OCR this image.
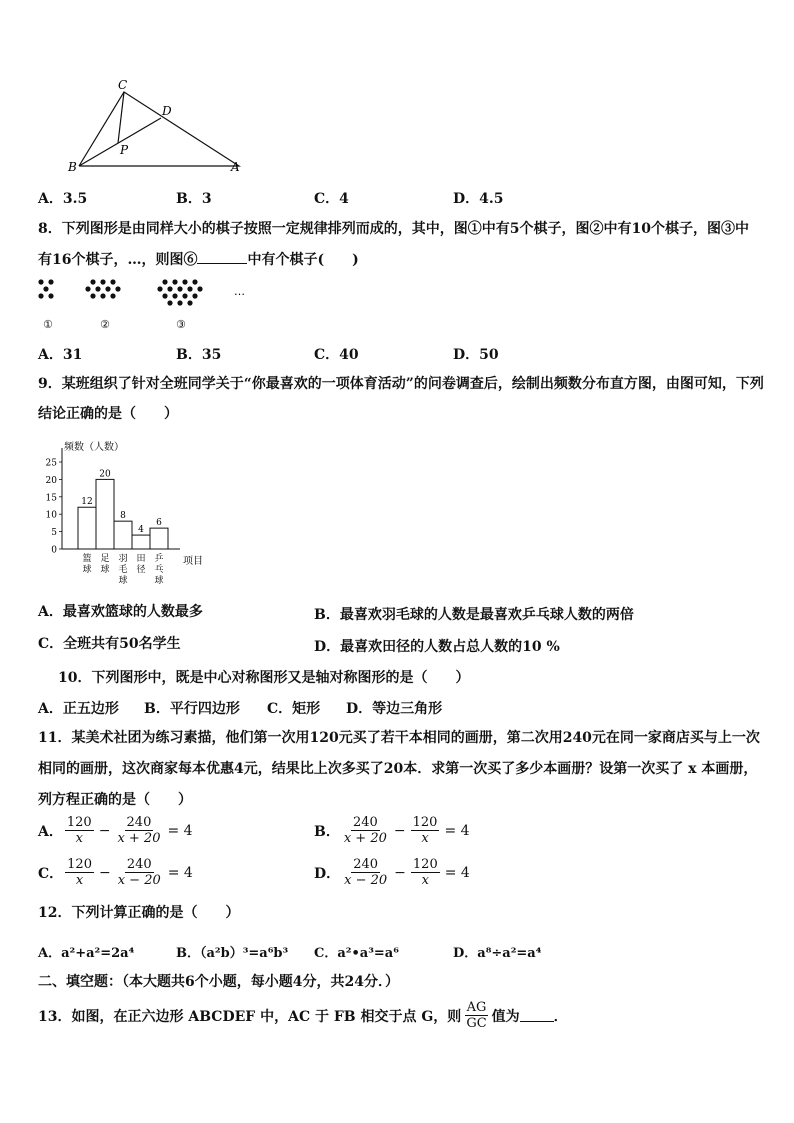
C
D
P
B	A
A．3.5	B．3	C．4	D．4.5
8．下列图形是由同样大小的棋子按照一定规律排列而成的，其中，图①中有5个棋子，图②中有10个棋子，图③中
有16个棋子，…，则图⑥	中有个棋子(　　)
…
①	②	③
A．31	B．35	C．40	D．50
9．某班组织了针对全班同学关于“你最喜欢的一项体育活动”的问卷调查后，绘制出频数分布直方图，由图可知，下列
结论正确的是（　　）
频数（人数）
项目
25
20
15
10
5
0
12
篮
球
20
足
球
8
羽
毛
球
4
田
径
6
乒
乓
球
A．最喜欢篮球的人数最多	B．最喜欢羽毛球的人数是最喜欢乒乓球人数的两倍
C．全班共有50名学生	D．最喜欢田径的人数占总人数的10 %
10．下列图形中，既是中心对称图形又是轴对称图形的是（　　）
A．正五边形 B．平行四边形 C．矩形 D．等边三角形
11．某美术社团为练习素描，他们第一次用120元买了若干本相同的画册，第二次用240元在同一家商店买与上一次
相同的画册，这次商家每本优惠4元，结果比上次多买了20本．求第一次买了多少本画册？设第一次买了 x 本画册，
列方程正确的是（　　）
A． $\frac{120}{x} - \frac{240}{x + 20} = 4$	B． $\frac{240}{x + 20} - \frac{120}{x} = 4$
C． $\frac{120}{x} - \frac{240}{x - 20} = 4$	D． $\frac{240}{x - 20} - \frac{120}{x} = 4$
12．下列计算正确的是（　　）
A．a²+a²=2a⁴	B．（a²b）³=a⁶b³ C．a²•a³=a⁶	D．a⁸÷a²=a⁴
二、填空题：（本大题共6个小题，每小题4分，共24分．）
13．如图，在正六边形 ABCDEF 中，AC 于 FB 相交于点 G，则 $\frac{AG}{GC}$ 值为 ．
